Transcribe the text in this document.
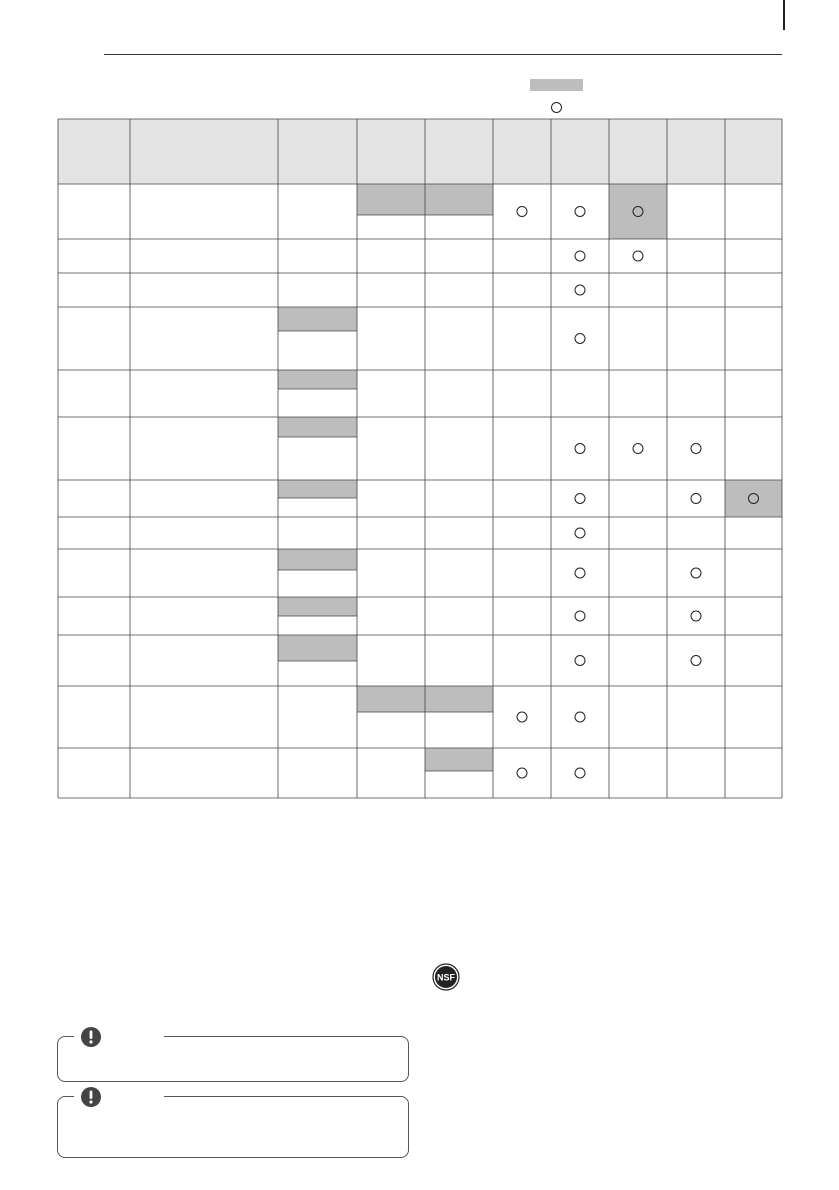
NSF
